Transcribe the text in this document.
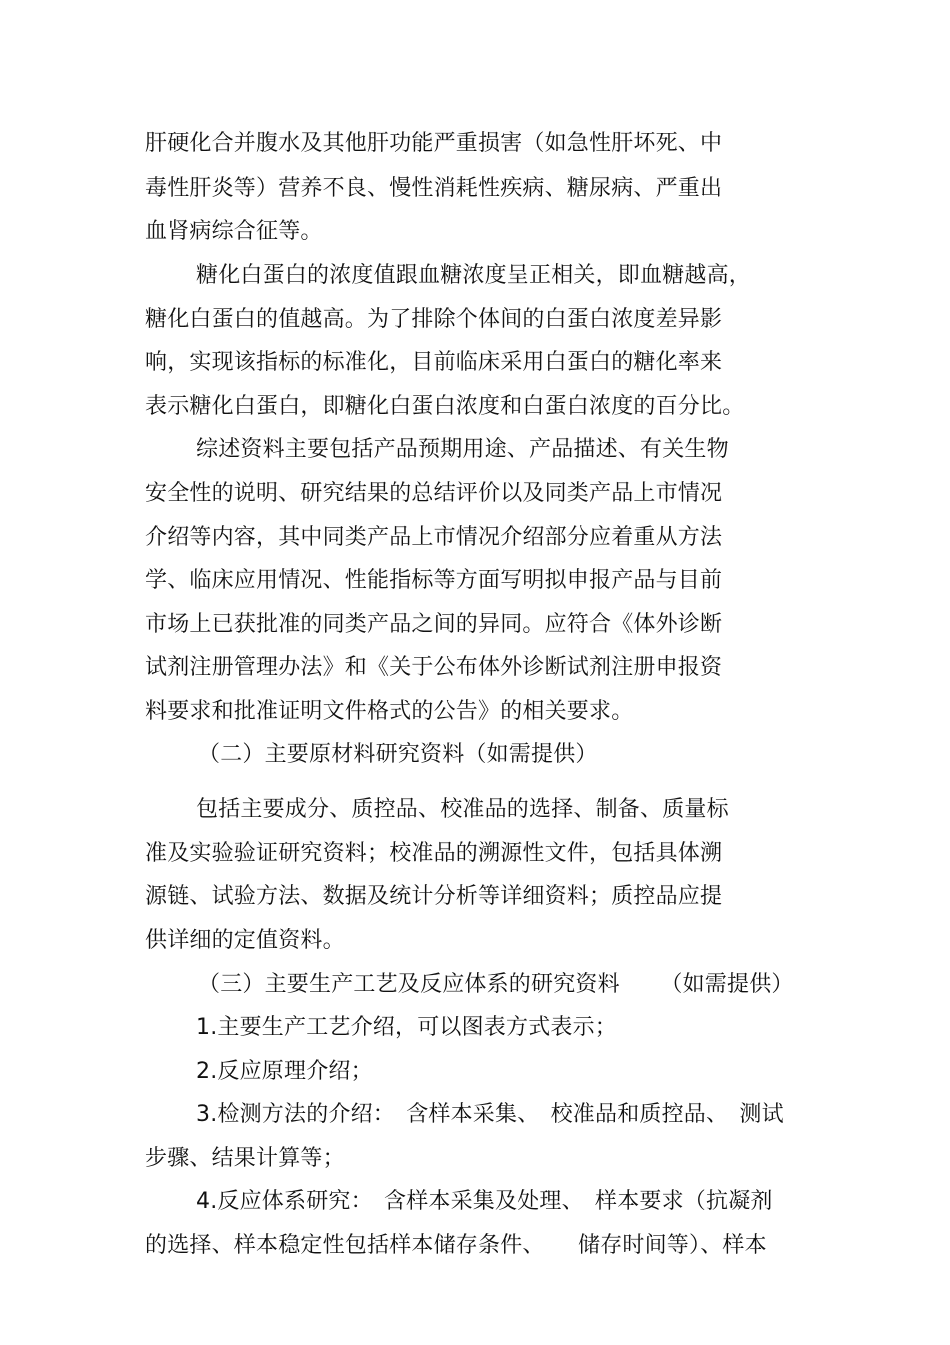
肝硬化合并腹水及其他肝功能严重损害（如急性肝坏死、中
毒性肝炎等）营养不良、慢性消耗性疾病、糖尿病、严重出
血肾病综合征等。
糖化白蛋白的浓度值跟血糖浓度呈正相关，即血糖越高，
糖化白蛋白的值越高。为了排除个体间的白蛋白浓度差异影
响，实现该指标的标准化，目前临床采用白蛋白的糖化率来
表示糖化白蛋白，即糖化白蛋白浓度和白蛋白浓度的百分比。
综述资料主要包括产品预期用途、产品描述、有关生物
安全性的说明、研究结果的总结评价以及同类产品上市情况
介绍等内容，其中同类产品上市情况介绍部分应着重从方法
学、临床应用情况、性能指标等方面写明拟申报产品与目前
市场上已获批准的同类产品之间的异同。应符合《体外诊断
试剂注册管理办法》和《关于公布体外诊断试剂注册申报资
料要求和批准证明文件格式的公告》的相关要求。
（二）主要原材料研究资料（如需提供）
包括主要成分、质控品、校准品的选择、制备、质量标
准及实验验证研究资料；校准品的溯源性文件，包括具体溯
源链、试验方法、数据及统计分析等详细资料；质控品应提
供详细的定值资料。
（三）主要生产工艺及反应体系的研究资料 　　（如需提供）
1.主要生产工艺介绍，可以图表方式表示；
2.反应原理介绍；
3.检测方法的介绍：　含样本采集、　校准品和质控品、　测试
步骤、结果计算等；
4.反应体系研究：　含样本采集及处理、　样本要求（抗凝剂
的选择、样本稳定性包括样本储存条件、　　储存时间等）、样本
